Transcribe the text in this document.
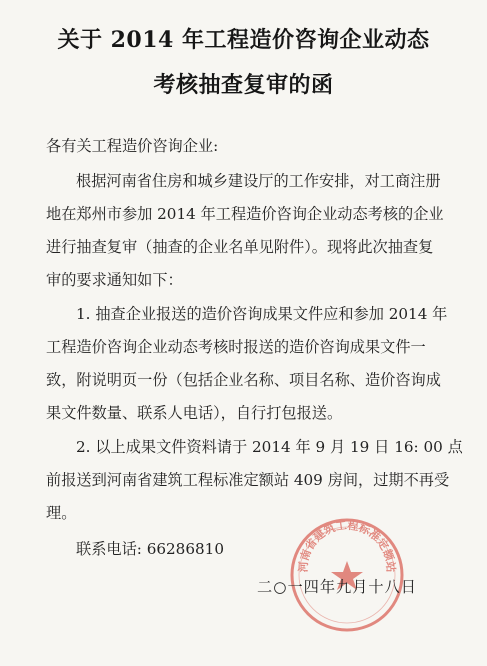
关于 2014 年工程造价咨询企业动态
考核抽查复审的函
各有关工程造价咨询企业:
根据河南省住房和城乡建设厅的工作安排，对工商注册
地在郑州市参加 2014 年工程造价咨询企业动态考核的企业
进行抽查复审（抽查的企业名单见附件）。现将此次抽查复
审的要求通知如下：
1. 抽查企业报送的造价咨询成果文件应和参加 2014 年
工程造价咨询企业动态考核时报送的造价咨询成果文件一
致，附说明页一份（包括企业名称、项目名称、造价咨询成
果文件数量、联系人电话），自行打包报送。
2. 以上成果文件资料请于 2014 年 9 月 19 日 16: 00 点
前报送到河南省建筑工程标准定额站 409 房间，过期不再受
理。
联系电话: 66286810
河南省建筑工程标准定额站
二○一四年九月十八日
